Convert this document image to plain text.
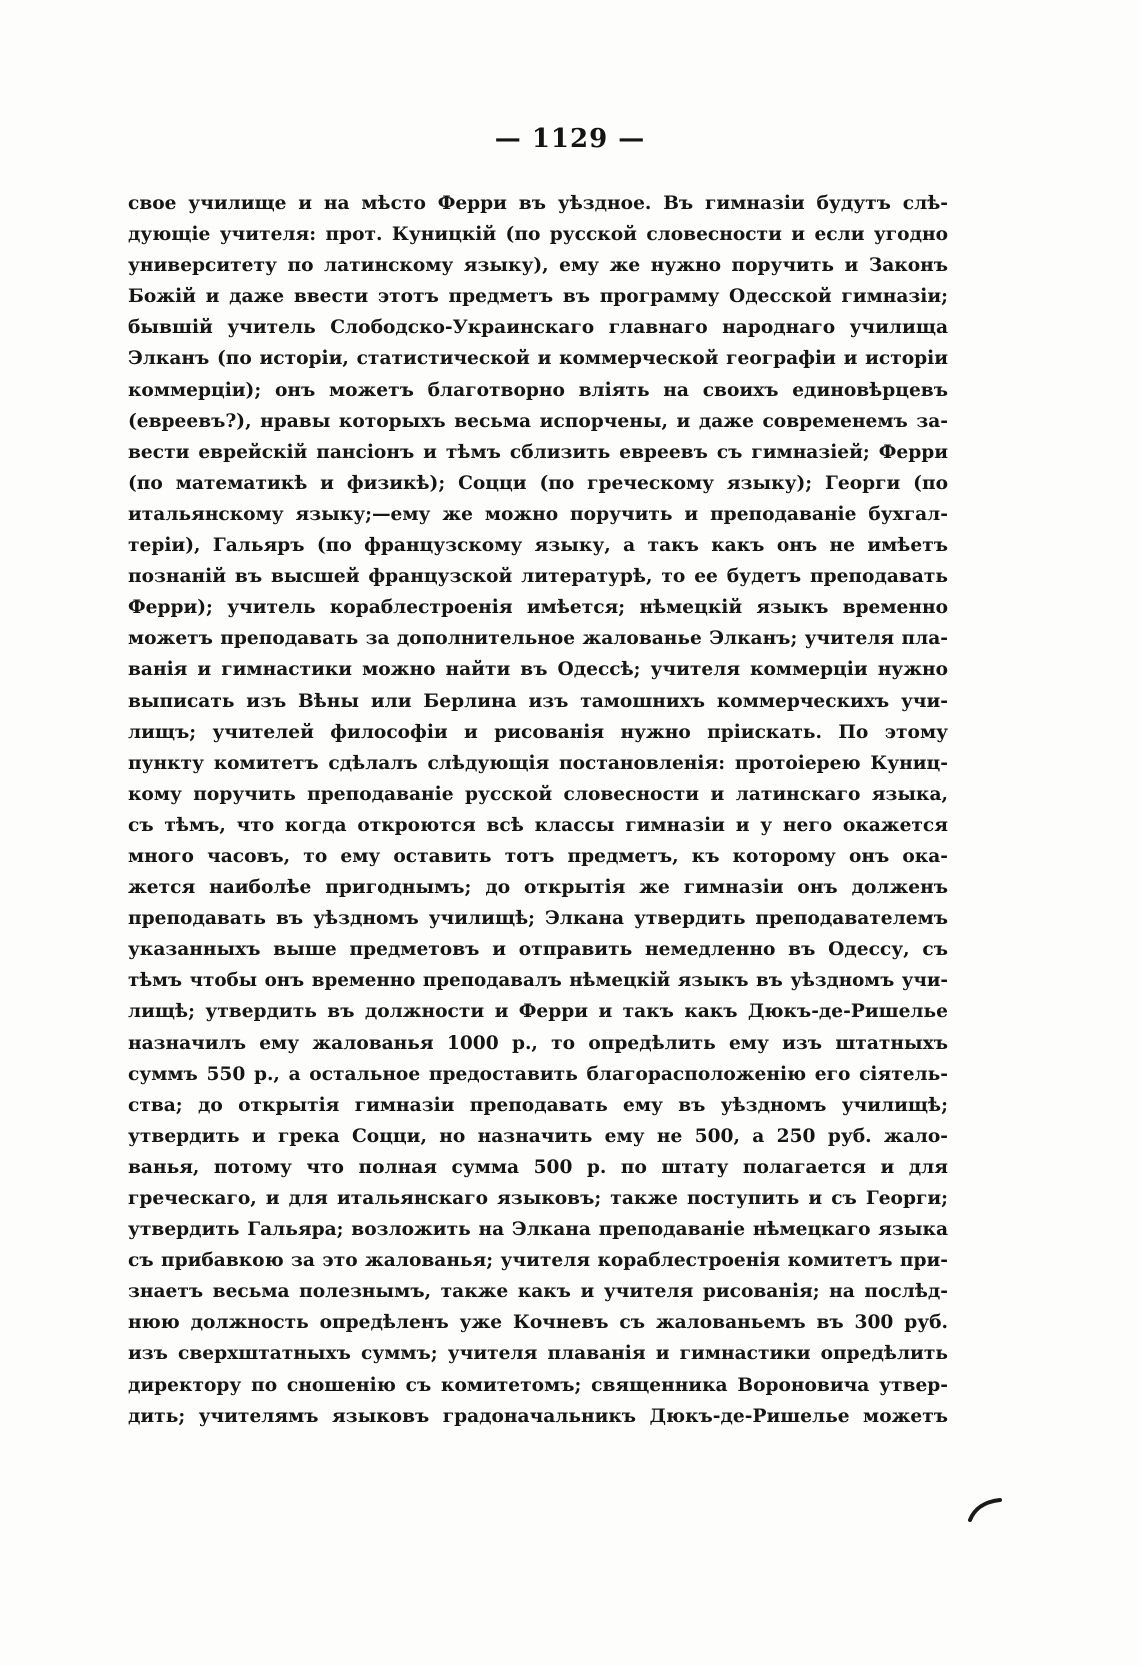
— 1129 —
свое училище и на мѣсто Ферри въ уѣздное. Въ гимназіи будутъ слѣ-
дующіе учителя: прот. Куницкій (по русской словесности и если угодно
университету по латинскому языку), ему же нужно поручить и Законъ
Божій и даже ввести этотъ предметъ въ программу Одесской гимназіи;
бывшій учитель Слободско-Украинскаго главнаго народнаго училища
Элканъ (по исторіи, статистической и коммерческой географіи и исторіи
коммерціи); онъ можетъ благотворно вліять на своихъ единовѣрцевъ
(евреевъ?), нравы которыхъ весьма испорчены, и даже современемъ за-
вести еврейскій пансіонъ и тѣмъ сблизить евреевъ съ гимназіей; Ферри
(по математикѣ и физикѣ); Соцци (по греческому языку); Георги (по
итальянскому языку;—ему же можно поручить и преподаваніе бухгал-
теріи), Гальяръ (по французскому языку, а такъ какъ онъ не имѣетъ
познаній въ высшей французской литературѣ, то ее будетъ преподавать
Ферри); учитель кораблестроенія имѣется; нѣмецкій языкъ временно
можетъ преподавать за дополнительное жалованье Элканъ; учителя пла-
ванія и гимнастики можно найти въ Одессѣ; учителя коммерціи нужно
выписать изъ Вѣны или Берлина изъ тамошнихъ коммерческихъ учи-
лищъ; учителей философіи и рисованія нужно пріискать. По этому
пункту комитетъ сдѣлалъ слѣдующія постановленія: протоіерею Куниц-
кому поручить преподаваніе русской словесности и латинскаго языка,
съ тѣмъ, что когда откроются всѣ классы гимназіи и у него окажется
много часовъ, то ему оставить тотъ предметъ, къ которому онъ ока-
жется наиболѣе пригоднымъ; до открытія же гимназіи онъ долженъ
преподавать въ уѣздномъ училищѣ; Элкана утвердить преподавателемъ
указанныхъ выше предметовъ и отправить немедленно въ Одессу, съ
тѣмъ чтобы онъ временно преподавалъ нѣмецкій языкъ въ уѣздномъ учи-
лищѣ; утвердить въ должности и Ферри и такъ какъ Дюкъ-де-Ришелье
назначилъ ему жалованья 1000 р., то опредѣлить ему изъ штатныхъ
суммъ 550 р., а остальное предоставить благорасположенію его сіятель-
ства; до открытія гимназіи преподавать ему въ уѣздномъ училищѣ;
утвердить и грека Соцци, но назначить ему не 500, а 250 руб. жало-
ванья, потому что полная сумма 500 р. по штату полагается и для
греческаго, и для итальянскаго языковъ; также поступить и съ Георги;
утвердить Гальяра; возложить на Элкана преподаваніе нѣмецкаго языка
съ прибавкою за это жалованья; учителя кораблестроенія комитетъ при-
знаетъ весьма полезнымъ, также какъ и учителя рисованія; на послѣд-
нюю должность опредѣленъ уже Кочневъ съ жалованьемъ въ 300 руб.
изъ сверхштатныхъ суммъ; учителя плаванія и гимнастики опредѣлить
директору по сношенію съ комитетомъ; священника Вороновича утвер-
дить; учителямъ языковъ градоначальникъ Дюкъ-де-Ришелье можетъ
